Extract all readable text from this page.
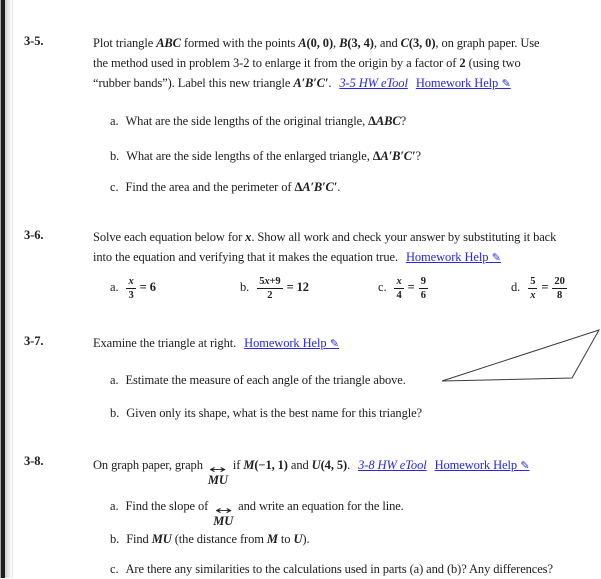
3-5.	Plot triangle ABC formed with the points A(0, 0), B(3, 4), and C(3, 0), on graph paper. Use
the method used in problem 3-2 to enlarge it from the origin by a factor of 2 (using two
“rubber bands”). Label this new triangle A′B′C′. 3-5 HW eTool Homework Help ✎
a. What are the side lengths of the original triangle, ΔABC?
b. What are the side lengths of the enlarged triangle, ΔA′B′C′?
c. Find the area and the perimeter of ΔA′B′C′.
3-6.	Solve each equation below for x. Show all work and check your answer by substituting it back
into the equation and verifying that it makes the equation true. Homework Help ✎
a. $\frac{x}{3} = 6$	b. $\frac{5x+9}{2} = 12$	c. $\frac{x}{4} = \frac{9}{6}$	d. $\frac{5}{x} = \frac{20}{8}$
3-7.	Examine the triangle at right. Homework Help ✎
a. Estimate the measure of each angle of the triangle above.
b. Given only its shape, what is the best name for this triangle?
3-8.	On graph paper, graph ↔
MU
if M(−1, 1) and U(4, 5). 3-8 HW eTool Homework Help ✎
a. Find the slope of ↔
MU
and write an equation for the line.
b. Find MU (the distance from M to U).
c. Are there any similarities to the calculations used in parts (a) and (b)? Any differences?
